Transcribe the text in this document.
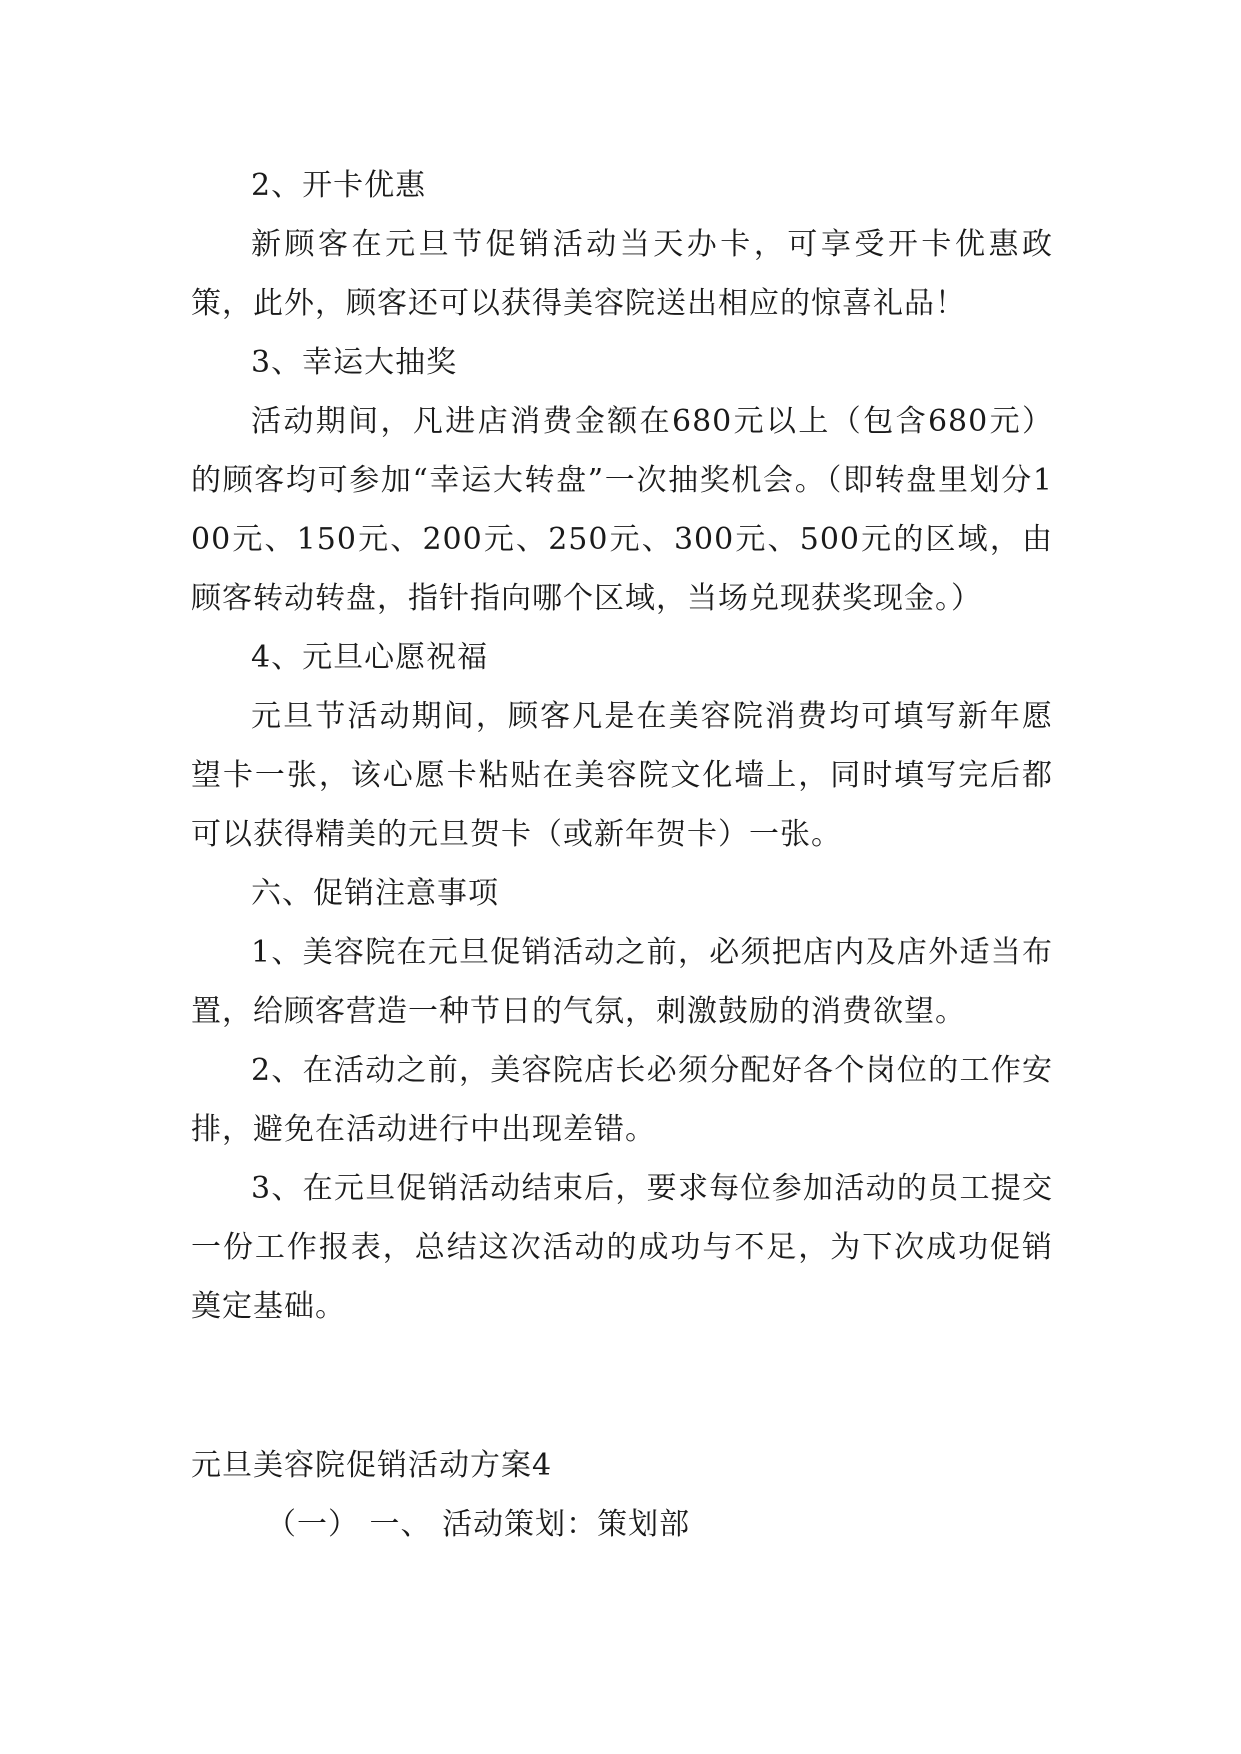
2、开卡优惠

新顾客在元旦节促销活动当天办卡，可享受开卡优惠政策，此外，顾客还可以获得美容院送出相应的惊喜礼品！

3、幸运大抽奖

活动期间，凡进店消费金额在680元以上（包含680元）的顾客均可参加“幸运大转盘”一次抽奖机会。（即转盘里划分100元、150元、200元、250元、300元、500元的区域，由顾客转动转盘，指针指向哪个区域，当场兑现获奖现金。）

4、元旦心愿祝福

元旦节活动期间，顾客凡是在美容院消费均可填写新年愿望卡一张，该心愿卡粘贴在美容院文化墙上，同时填写完后都可以获得精美的元旦贺卡（或新年贺卡）一张。

六、促销注意事项

1、美容院在元旦促销活动之前，必须把店内及店外适当布置，给顾客营造一种节日的气氛，刺激鼓励的消费欲望。

2、在活动之前，美容院店长必须分配好各个岗位的工作安排，避免在活动进行中出现差错。

3、在元旦促销活动结束后，要求每位参加活动的员工提交一份工作报表，总结这次活动的成功与不足，为下次成功促销奠定基础。

元旦美容院促销活动方案4

（一） 一、 活动策划：策划部
